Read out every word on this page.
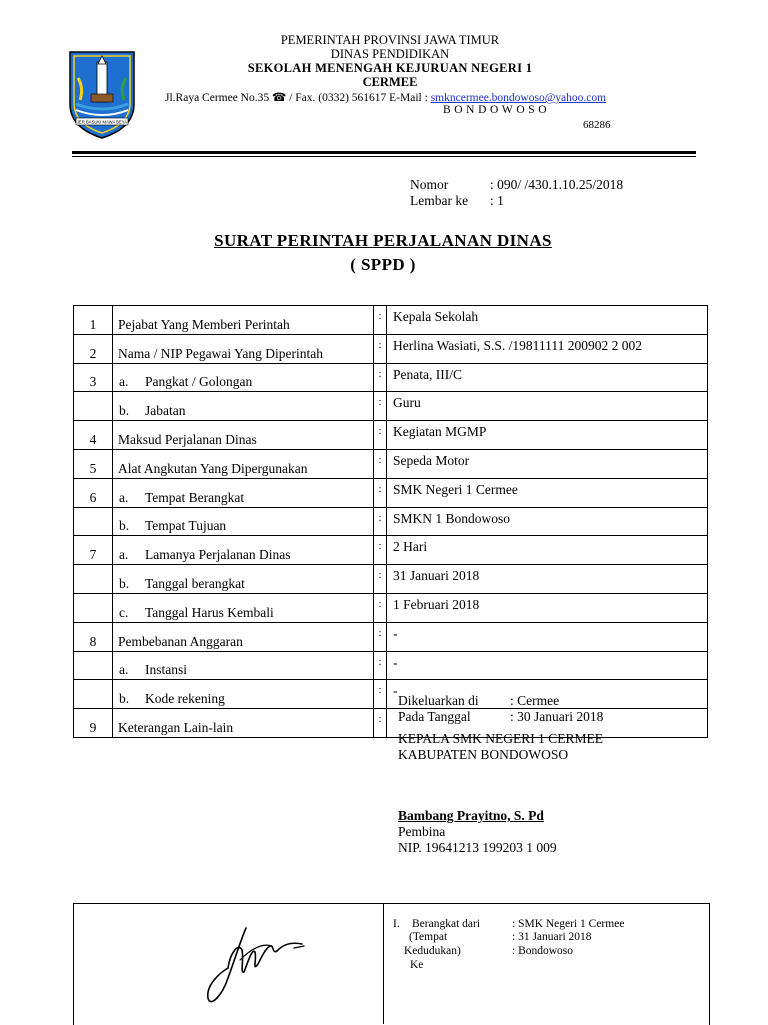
JER BASUKI MAWA BEYA
PEMERINTAH PROVINSI JAWA TIMUR
DINAS PENDIDIKAN
SEKOLAH MENENGAH KEJURUAN NEGERI 1
CERMEE
Jl.Raya Cermee No.35 ☎ / Fax. (0332) 561617 E-Mail : smkncermee.bondowoso@yahoo.com
BONDOWOSO
68286
Nomor	: 090/ /430.1.10.25/2018
Lembar ke : 1
SURAT PERINTAH PERJALANAN DINAS
( SPPD )
1	Pejabat Yang Memberi Perintah	:	Kepala Sekolah
2	Nama / NIP Pegawai Yang Diperintah	:	Herlina Wasiati, S.S. /19811111 200902 2 002
3	a. Pangkat / Golongan	:	Penata, III/C
	b. Jabatan	:	Guru
4	Maksud Perjalanan Dinas	:	Kegiatan MGMP
5	Alat Angkutan Yang Dipergunakan	:	Sepeda Motor
6	a. Tempat Berangkat	:	SMK Negeri 1 Cermee
	b. Tempat Tujuan	:	SMKN 1 Bondowoso
7	a. Lamanya Perjalanan Dinas	:	2 Hari
	b. Tanggal berangkat	:	31 Januari 2018
	c. Tanggal Harus Kembali	:	1 Februari 2018
8	Pembebanan Anggaran	:	-
	a. Instansi	:	-
	b. Kode rekening	:	-
9	Keterangan Lain-lain	:	
Dikeluarkan di : Cermee
Pada Tanggal	: 30 Januari 2018
KEPALA SMK NEGERI 1 CERMEE
KABUPATEN BONDOWOSO
Bambang Prayitno, S. Pd
Pembina
NIP. 19641213 199203 1 009
I. Berangkat dari	: SMK Negeri 1 Cermee
(Tempat	: 31 Januari 2018
Kedudukan)	: Bondowoso
Ke
